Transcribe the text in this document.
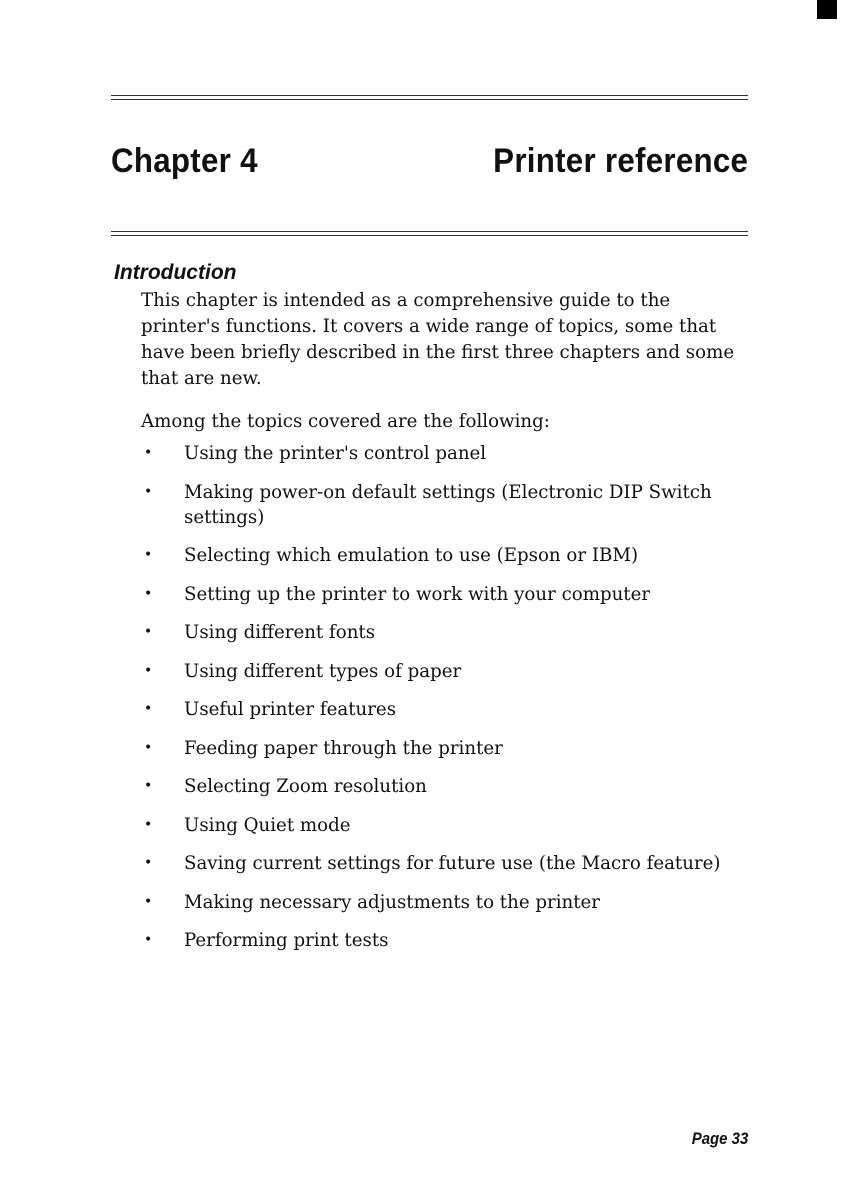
Chapter 4	Printer reference
Introduction

This chapter is intended as a comprehensive guide to the printer's functions. It covers a wide range of topics, some that have been briefly described in the first three chapters and some that are new.

Among the topics covered are the following:

• Using the printer's control panel
• Making power-on default settings (Electronic DIP Switch settings)
• Selecting which emulation to use (Epson or IBM)
• Setting up the printer to work with your computer
• Using different fonts
• Using different types of paper
• Useful printer features
• Feeding paper through the printer
• Selecting Zoom resolution
• Using Quiet mode
• Saving current settings for future use (the Macro feature)
• Making necessary adjustments to the printer
• Performing print tests
Page 33
